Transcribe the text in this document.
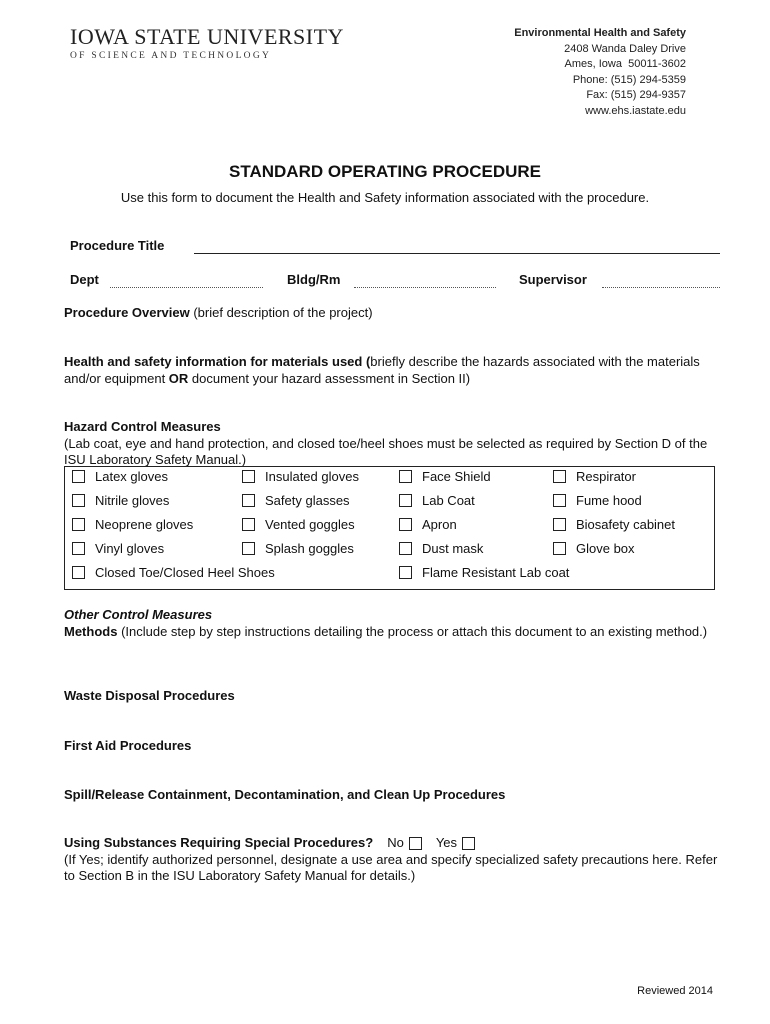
IOWA STATE UNIVERSITY
OF SCIENCE AND TECHNOLOGY
Environmental Health and Safety
2408 Wanda Daley Drive
Ames, Iowa  50011-3602
Phone: (515) 294-5359
Fax: (515) 294-9357
www.ehs.iastate.edu
STANDARD OPERATING PROCEDURE
Use this form to document the Health and Safety information associated with the procedure.
Procedure Title
Dept	Bldg/Rm	Supervisor
Procedure Overview (brief description of the project)
Health and safety information for materials used (briefly describe the hazards associated with the materials and/or equipment OR document your hazard assessment in Section II)
Hazard Control Measures
(Lab coat, eye and hand protection, and closed toe/heel shoes must be selected as required by Section D of the ISU Laboratory Safety Manual.)
Latex gloves	Insulated gloves	Face Shield	Respirator
Nitrile gloves	Safety glasses	Lab Coat	Fume hood
Neoprene gloves	Vented goggles	Apron	Biosafety cabinet
Vinyl gloves	Splash goggles	Dust mask	Glove box
Closed Toe/Closed Heel Shoes	Flame Resistant Lab coat
Other Control Measures
Methods (Include step by step instructions detailing the process or attach this document to an existing method.)
Waste Disposal Procedures
First Aid Procedures
Spill/Release Containment, Decontamination, and Clean Up Procedures
Using Substances Requiring Special Procedures? No Yes
(If Yes; identify authorized personnel, designate a use area and specify specialized safety precautions here. Refer to Section B in the ISU Laboratory Safety Manual for details.)
Reviewed 2014
